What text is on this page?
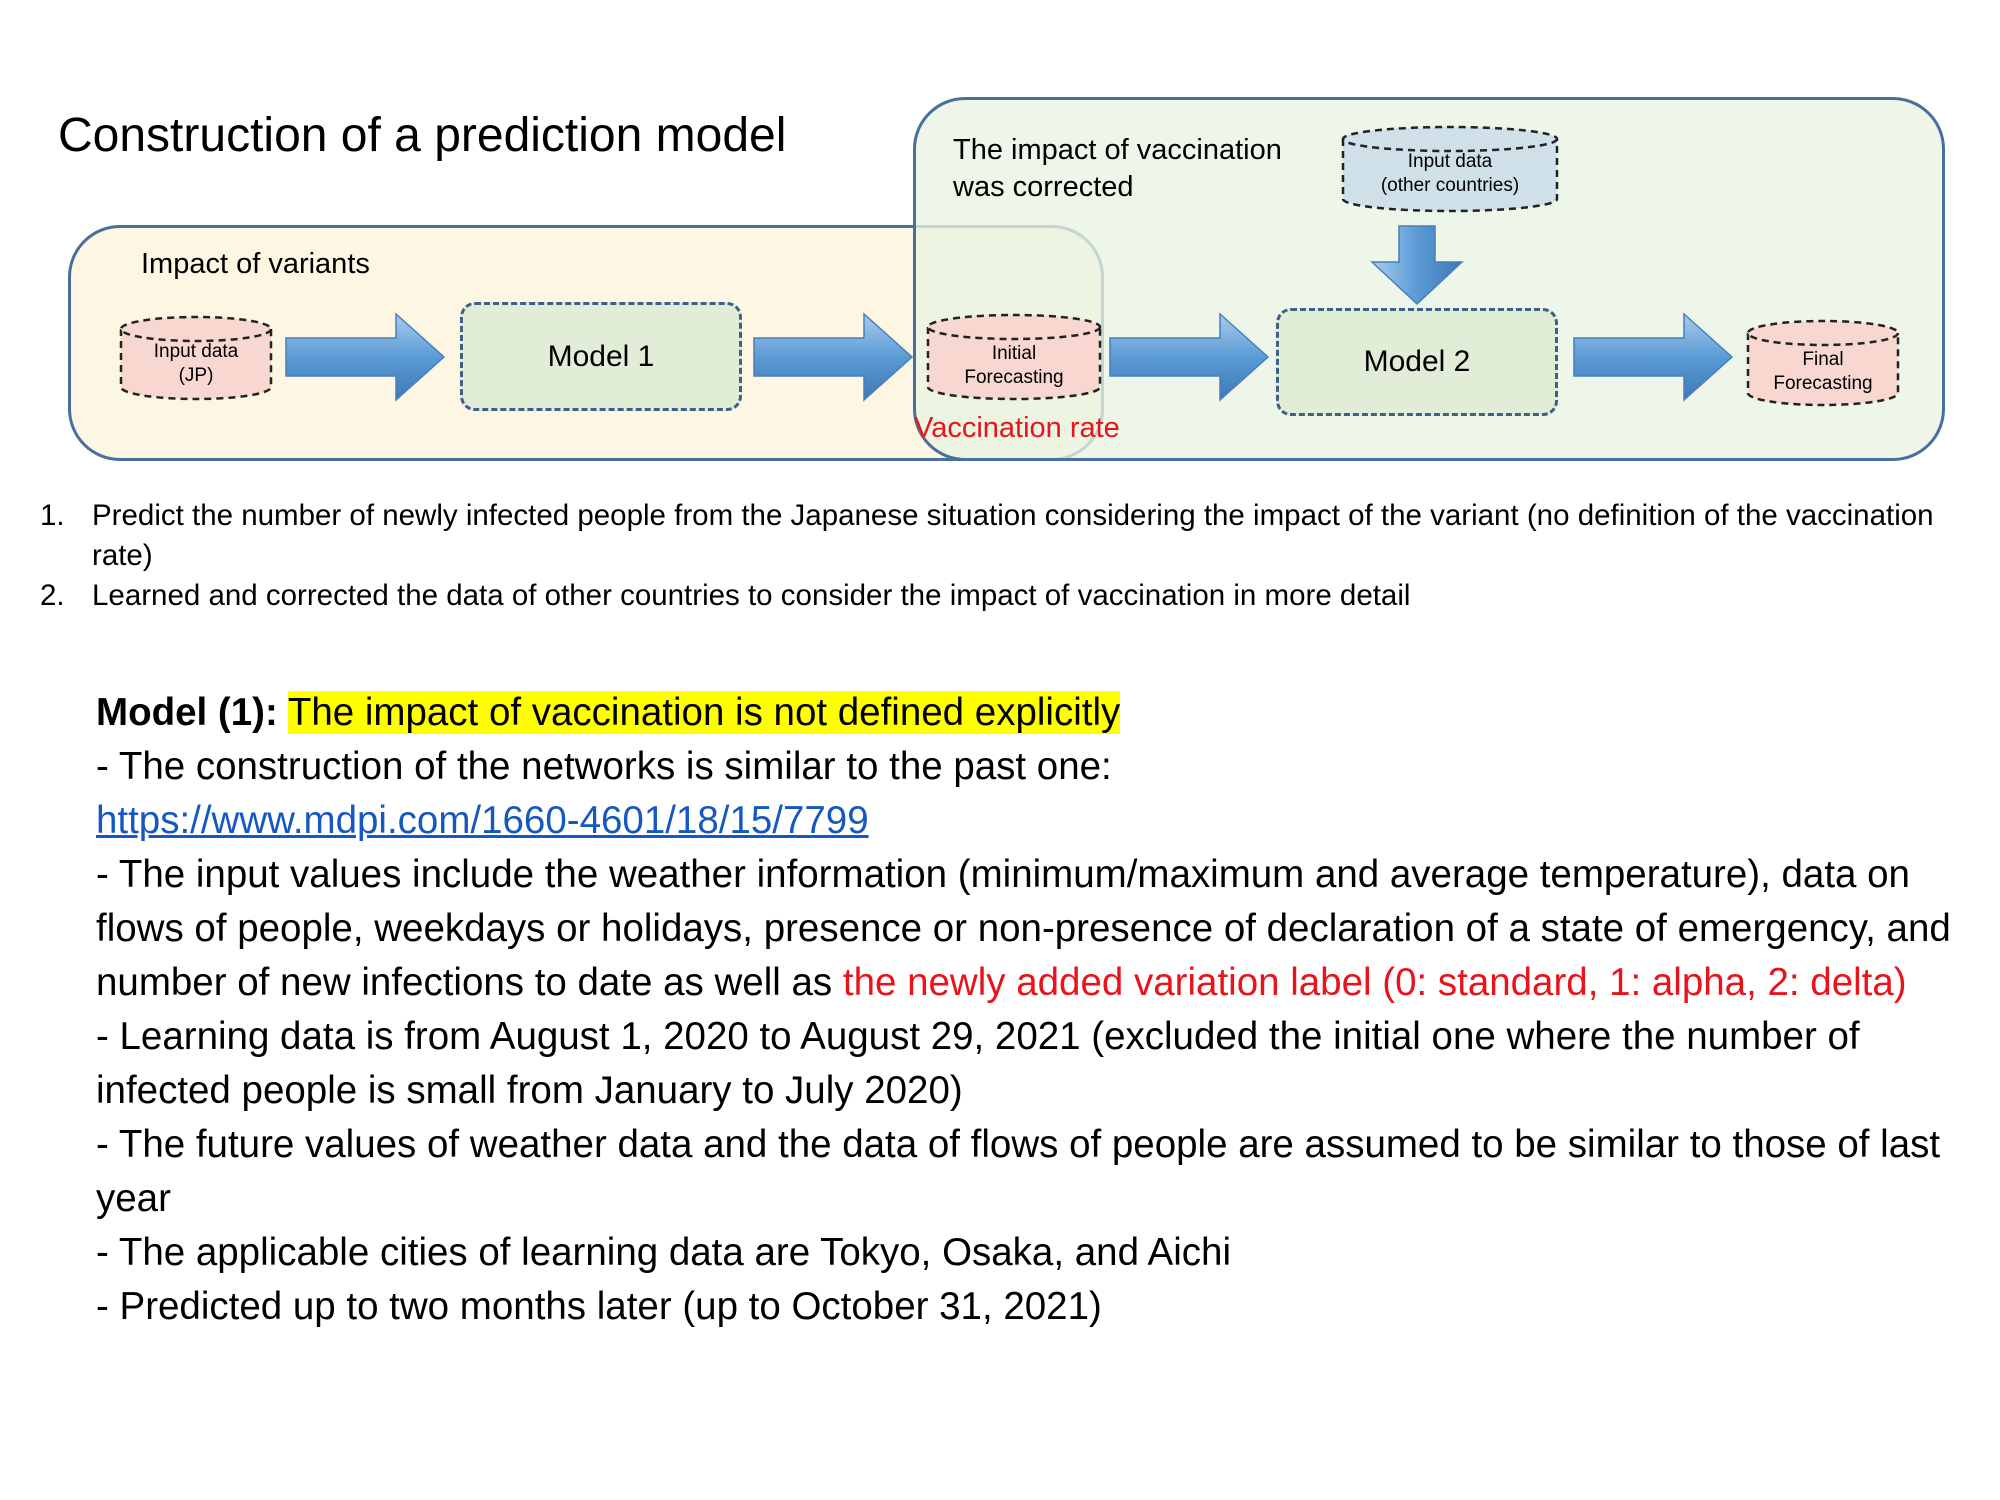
Construction of a prediction model
Impact of variants
The impact of vaccination
was corrected
Input data
(JP)
Model 1	Initial
Forecasting
Vaccination rate
Input data
(other countries)
Model 2	Final
Forecasting
1. Predict the number of newly infected people from the Japanese situation considering the impact of the variant (no definition of the vaccination rate)
2. Learned and corrected the data of other countries to consider the impact of vaccination in more detail

Model (1): The impact of vaccination is not defined explicitly

- The construction of the networks is similar to the past one:

https://www.mdpi.com/1660-4601/18/15/7799

- The input values include the weather information (minimum/maximum and average temperature), data on flows of people, weekdays or holidays, presence or non-presence of declaration of a state of emergency, and number of new infections to date as well as the newly added variation label (0: standard, 1: alpha, 2: delta)

- Learning data is from August 1, 2020 to August 29, 2021 (excluded the initial one where the number of infected people is small from January to July 2020)

- The future values of weather data and the data of flows of people are assumed to be similar to those of last year

- The applicable cities of learning data are Tokyo, Osaka, and Aichi

- Predicted up to two months later (up to October 31, 2021)
